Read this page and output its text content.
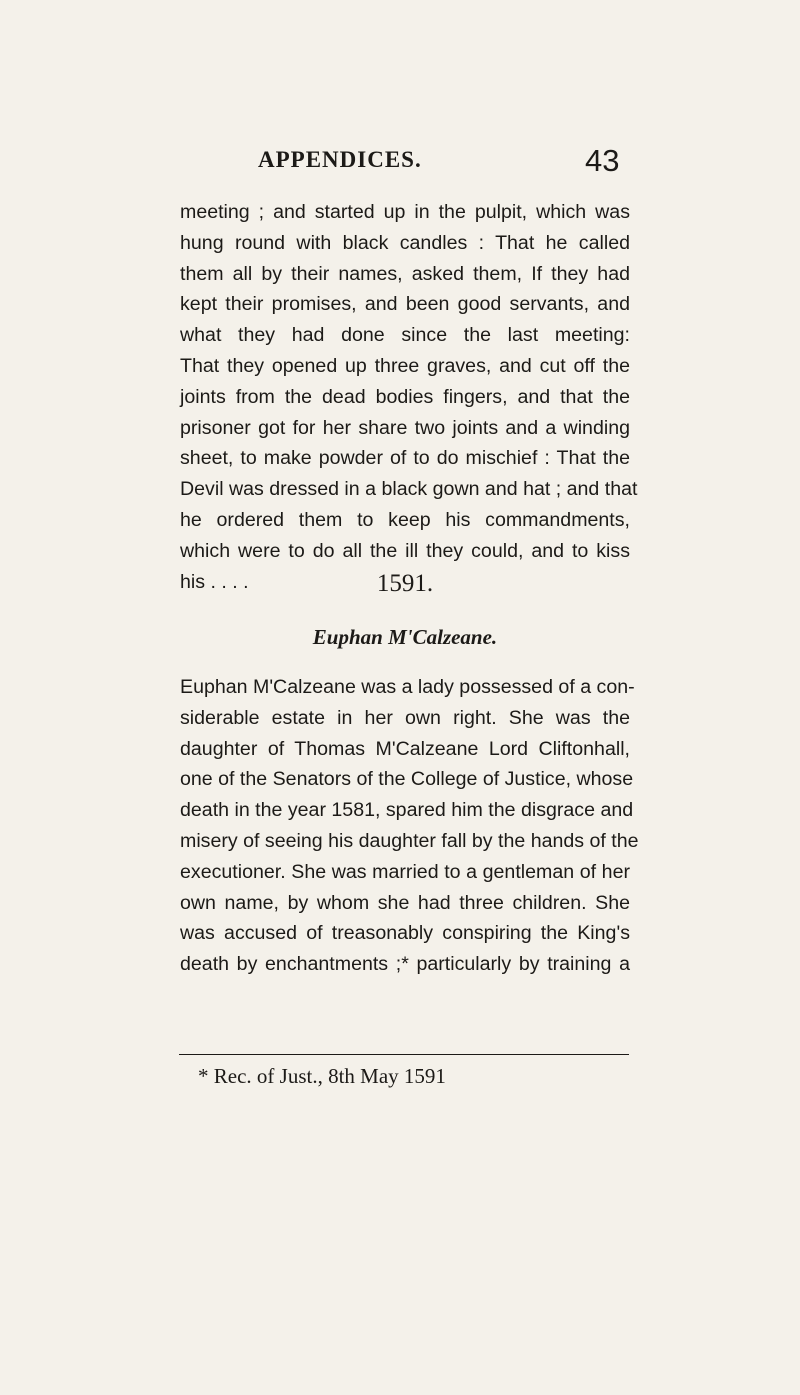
APPENDICES.	43
meeting ; and started up in the pulpit, which was
hung round with black candles : That he called
them all by their names, asked them, If they had
kept their promises, and been good servants, and
what they had done since the last meeting:
That they opened up three graves, and cut off the
joints from the dead bodies fingers, and that the
prisoner got for her share two joints and a winding
sheet, to make powder of to do mischief : That the
Devil was dressed in a black gown and hat ; and that
he ordered them to keep his commandments,
which were to do all the ill they could, and to kiss
his . . . .	1591.
Euphan M'Calzeane.
Euphan M'Calzeane was a lady possessed of a con-
siderable estate in her own right. She was the
daughter of Thomas M'Calzeane Lord Cliftonhall,
one of the Senators of the College of Justice, whose
death in the year 1581, spared him the disgrace and
misery of seeing his daughter fall by the hands of the
executioner. She was married to a gentleman of her
own name, by whom she had three children. She
was accused of treasonably conspiring the King's
death by enchantments ;* particularly by training a
* Rec. of Just., 8th May 1591
